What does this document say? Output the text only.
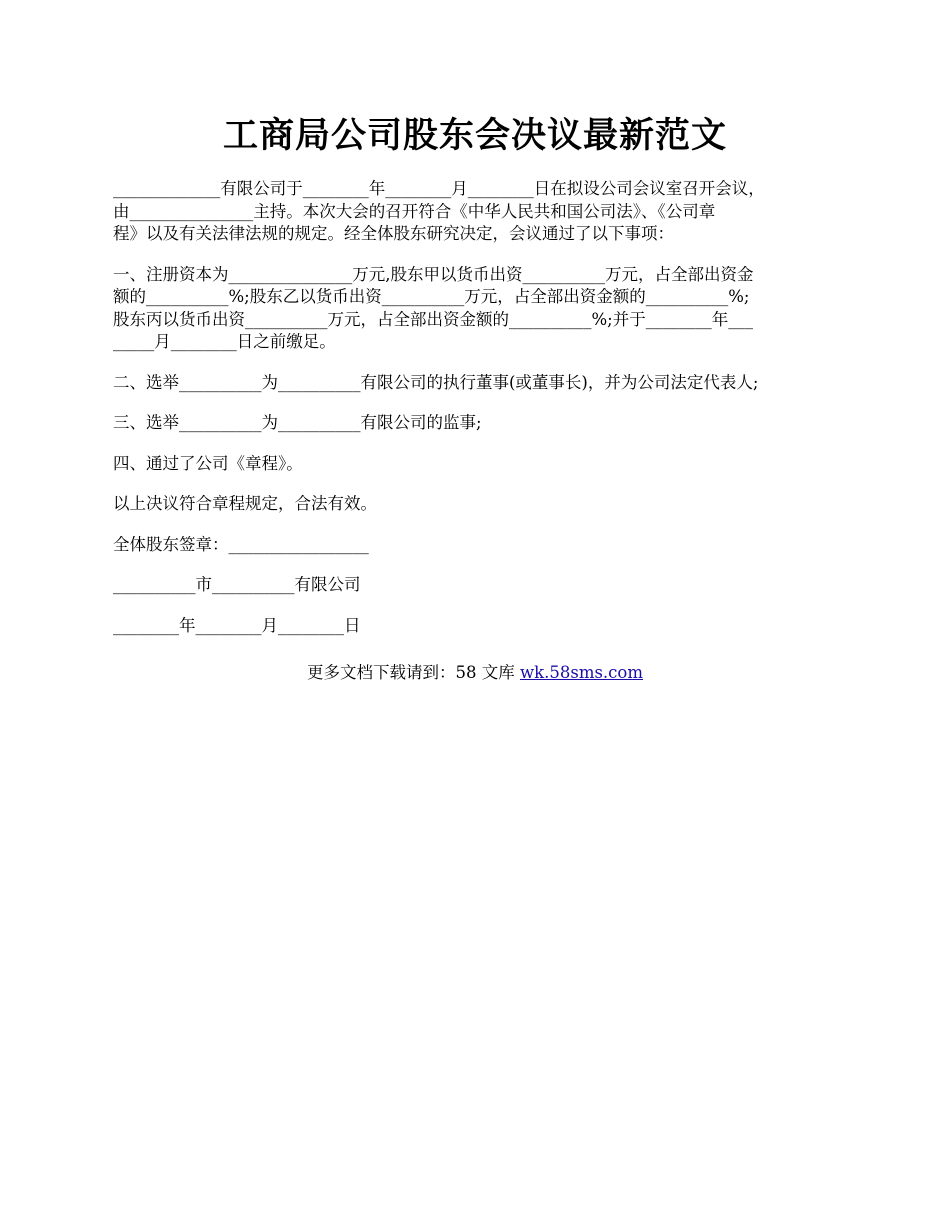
工商局公司股东会决议最新范文

_____________有限公司于________年________月________日在拟设公司会议室召开会议，
由_______________主持。本次大会的召开符合《中华人民共和国公司法》、《公司章
程》以及有关法律法规的规定。经全体股东研究决定，会议通过了以下事项：

一、注册资本为_______________万元,股东甲以货币出资__________万元，占全部出资金
额的__________%;股东乙以货币出资__________万元，占全部出资金额的__________%;
股东丙以货币出资__________万元，占全部出资金额的__________%;并于________年___
_____月________日之前缴足。

二、选举__________为__________有限公司的执行董事(或董事长)，并为公司法定代表人;

三、选举__________为__________有限公司的监事;

四、通过了公司《章程》。

以上决议符合章程规定，合法有效。

全体股东签章：_________________

__________市__________有限公司

________年________月________日

更多文档下载请到：58 文库 wk.58sms.com
